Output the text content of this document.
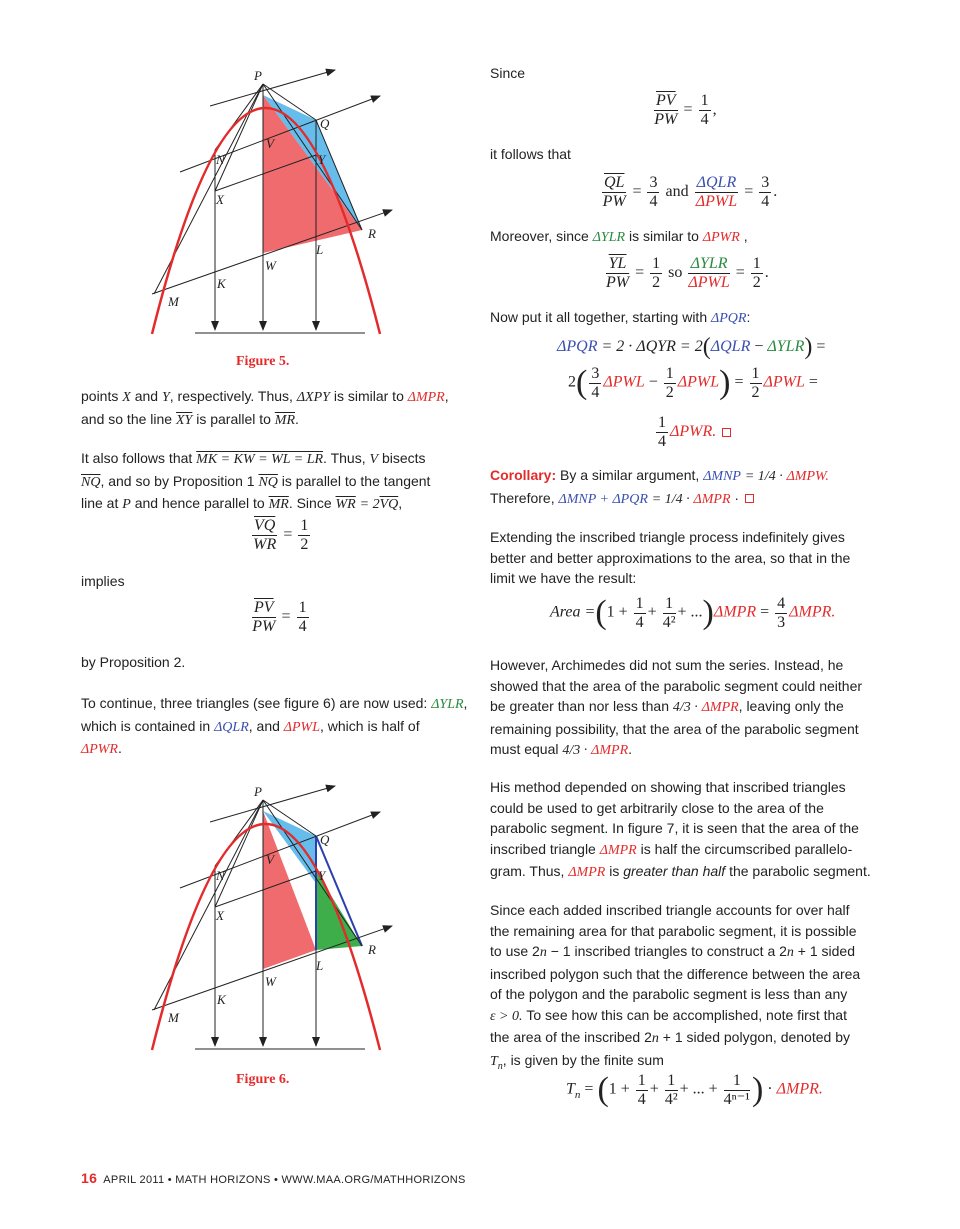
P
Q
V
N	Y
X
R
L
W
K
M
Figure 5.
points X and Y, respectively. Thus, ΔXPY is similar to ΔMPR,
and so the line $\overline{XY}$ is parallel to $\overline{MR}$.
It also follows that MK = KW = WL = LR. Thus, V bisects
$\overline{NQ}$, and so by Proposition 1 $\overline{NQ}$ is parallel to the tangent
line at P and hence parallel to $\overline{MR}$. Since $\overline{WR} = 2\overline{VQ}$,
$\frac{\overline{VQ}}{WR} = \frac{1}{2}$
implies
$\frac{\overline{PV}}{PW} = \frac{1}{4}$
by Proposition 2.
To continue, three triangles (see figure 6) are now used: ΔYLR,
which is contained in ΔQLR, and ΔPWL, which is half of
ΔPWR.
P
Q
V
N	Y
X
R
L
W
K
M
Figure 6.
Since
$\frac{\overline{PV}}{PW} = \frac{1}{4}$ ,
it follows that
$\frac{\overline{QL}}{PW} = \frac{3}{4}$ and $\frac{\text{ΔQLR}}{\text{ΔPWL}} = \frac{3}{4}$ .
Moreover, since ΔYLR is similar to ΔPWR ,
$\frac{\overline{YL}}{PW} = \frac{1}{2}$ so $\frac{\text{ΔYLR}}{\text{ΔPWL}} = \frac{1}{2}$ .
Now put it all together, starting with ΔPQR:
ΔPQR = 2 · ΔQYR = 2(ΔQLR − ΔYLR) =
$2( \frac{3}{4}$ $\Delta PWL - \frac{1}{2} \Delta PWL) = \frac{1}{2}$ ΔPWL =
$\frac{1}{4} \Delta PWR$.
Corollary: By a similar argument, ΔMNP = 1/4 · ΔMPW.
Therefore, ΔMNP + ΔPQR = 1/4 · ΔMPR ·
Extending the inscribed triangle process indefinitely gives
better and better approximations to the area, so that in the
limit we have the result:
Area $=(1 + \frac{1}{4} + \frac{1}{\text{4²}} + ...)\Delta MPR = \frac{4}{3} \Delta MPR$.
However, Archimedes did not sum the series. Instead, he
showed that the area of the parabolic segment could neither
be greater than nor less than 4/3 · ΔMPR, leaving only the
remaining possibility, that the area of the parabolic segment
must equal 4/3 · ΔMPR.
His method depended on showing that inscribed triangles
could be used to get arbitrarily close to the area of the
parabolic segment. In figure 7, it is seen that the area of the
inscribed triangle ΔMPR is half the circumscribed parallelo-
gram. Thus, ΔMPR is greater than half the parabolic segment.
Since each added inscribed triangle accounts for over half
the remaining area for that parabolic segment, it is possible
to use 2n − 1 inscribed triangles to construct a 2n + 1 sided
inscribed polygon such that the difference between the area
of the polygon and the parabolic segment is less than any
ε > 0. To see how this can be accomplished, note first that
the area of the inscribed 2n + 1 sided polygon, denoted by
$T_n$, is given by the finite sum
$T_n = (1 + \frac{1}{4} + \frac{1}{\text{4²}}$ + ... + $\frac{1}{\text{4ⁿ⁻¹}}$ ) · ΔMPR.
16 APRIL 2011 • MATH HORIZONS • WWW.MAA.ORG/MATHHORIZONS
